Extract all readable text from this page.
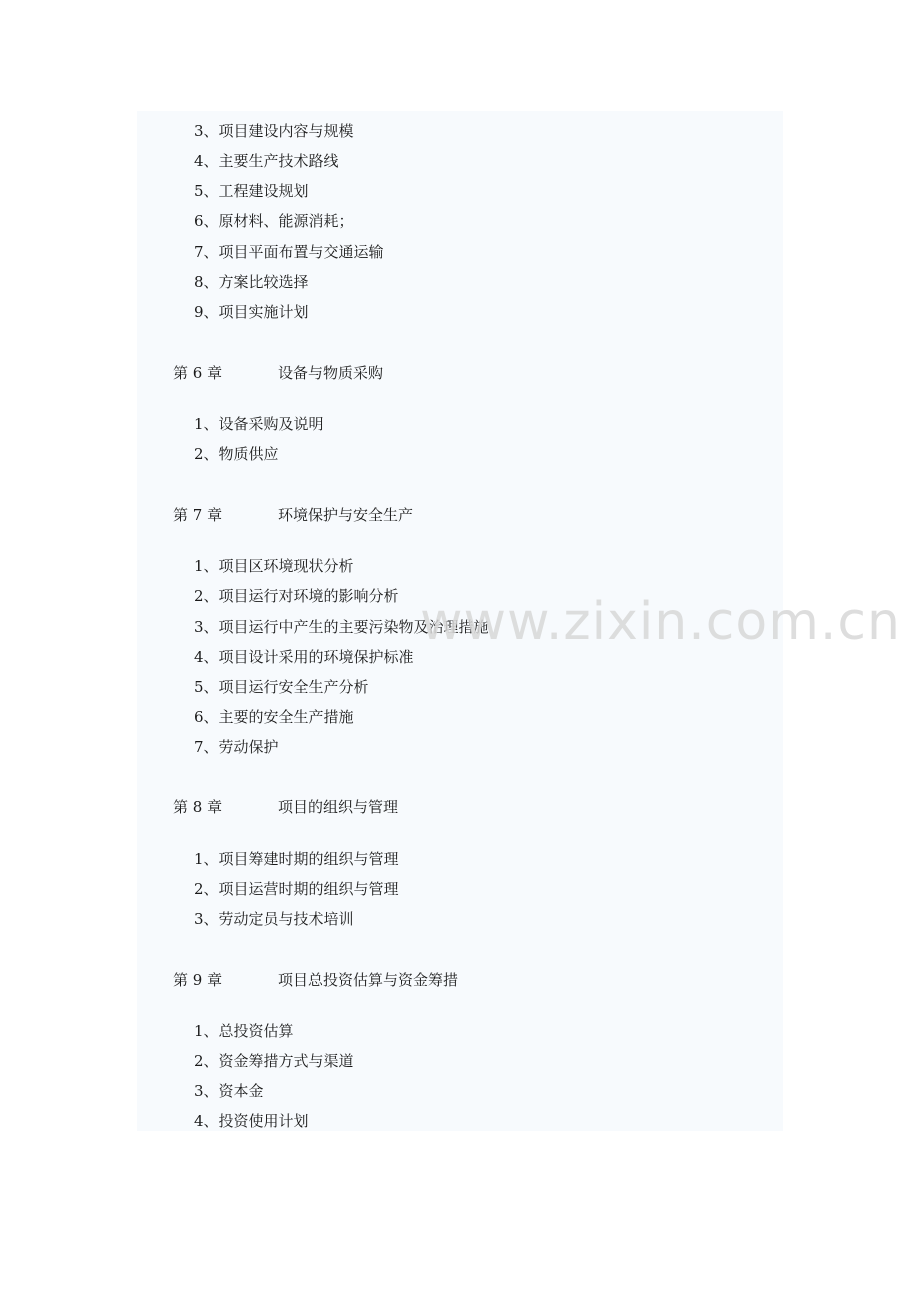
3、项目建设内容与规模
4、主要生产技术路线
5、工程建设规划
6、原材料、能源消耗；
7、项目平面布置与交通运输
8、方案比较选择
9、项目实施计划
第 6 章	设备与物质采购
1、设备采购及说明
2、物质供应
第 7 章	环境保护与安全生产
1、项目区环境现状分析
2、项目运行对环境的影响分析
3、项目运行中产生的主要污染物及治理措施
4、项目设计采用的环境保护标准
5、项目运行安全生产分析
6、主要的安全生产措施
7、劳动保护
第 8 章	项目的组织与管理
1、项目筹建时期的组织与管理
2、项目运营时期的组织与管理
3、劳动定员与技术培训
第 9 章	项目总投资估算与资金筹措
1、总投资估算
2、资金筹措方式与渠道
3、资本金
4、投资使用计划
www.zixin.com.cn
